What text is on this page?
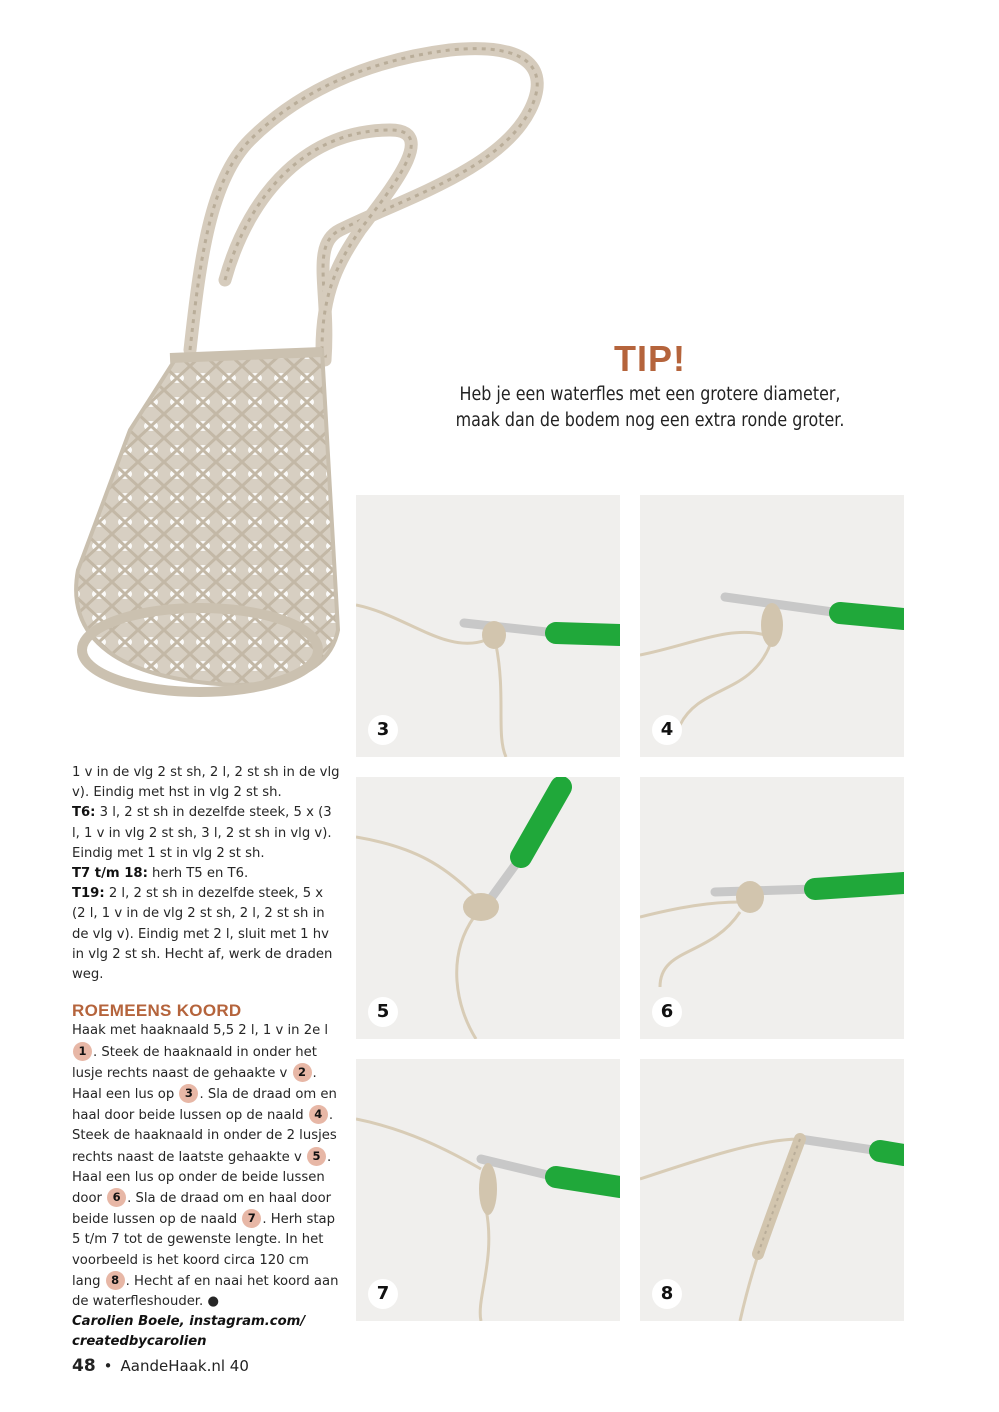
TIP!
Heb je een waterfles met een grotere diameter,
maak dan de bodem nog een extra ronde groter.
3	4
5	6
7	8

1 v in de vlg 2 st sh, 2 l, 2 st sh in de vlg v). Eindig met hst in vlg 2 st sh.

T6: 3 l, 2 st sh in dezelfde steek, 5 x (3 l, 1 v in vlg 2 st sh, 3 l, 2 st sh in vlg v). Eindig met 1 st in vlg 2 st sh.

T7 t/m 18: herh T5 en T6.

T19: 2 l, 2 st sh in dezelfde steek, 5 x (2 l, 1 v in de vlg 2 st sh, 2 l, 2 st sh in de vlg v). Eindig met 2 l, sluit met 1 hv in vlg 2 st sh. Hecht af, werk de draden weg.

ROEMEENS KOORD

Haak met haaknaald 5,5 2 l, 1 v in 2e l 1 . Steek de haaknaald in onder het lusje rechts naast de gehaakte v 2 . Haal een lus op 3 . Sla de draad om en haal door beide lussen op de naald 4 . Steek de haaknaald in onder de 2 lusjes rechts naast de laatste gehaakte v 5 . Haal een lus op onder de beide lussen door 6 . Sla de draad om en haal door beide lussen op de naald 7 . Herh stap 5 t/m 7 tot de gewenste lengte. In het voorbeeld is het koord circa 120 cm lang 8 . Hecht af en naai het koord aan de waterfleshouder. ●

Carolien Boele, instagram.com/
createdbycarolien

48 • AandeHaak.nl 40
